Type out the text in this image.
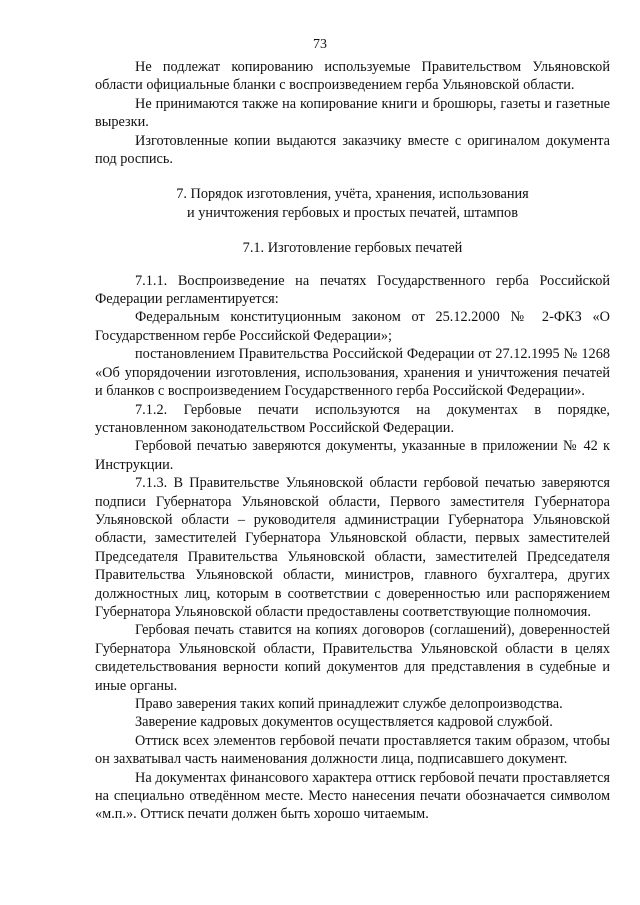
73

Не подлежат копированию используемые Правительством Ульяновской области официальные бланки с воспроизведением герба Ульяновской области.

Не принимаются также на копирование книги и брошюры, газеты и газетные вырезки.

Изготовленные копии выдаются заказчику вместе с оригиналом документа под роспись.

7. Порядок изготовления, учёта, хранения, использования

и уничтожения гербовых и простых печатей, штампов

7.1. Изготовление гербовых печатей

7.1.1. Воспроизведение на печатях Государственного герба Российской Федерации регламентируется:

Федеральным конституционным законом от 25.12.2000 № 2-ФКЗ «О Государственном гербе Российской Федерации»;

постановлением Правительства Российской Федерации от 27.12.1995 № 1268 «Об упорядочении изготовления, использования, хранения и уничтожения печатей и бланков с воспроизведением Государственного герба Российской Федерации».

7.1.2. Гербовые печати используются на документах в порядке, установленном законодательством Российской Федерации.

Гербовой печатью заверяются документы, указанные в приложении № 42 к Инструкции.

7.1.3. В Правительстве Ульяновской области гербовой печатью заверяются подписи Губернатора Ульяновской области, Первого заместителя Губернатора Ульяновской области – руководителя администрации Губернатора Ульяновской области, заместителей Губернатора Ульяновской области, первых заместителей Председателя Правительства Ульяновской области, заместителей Председателя Правительства Ульяновской области, министров, главного бухгалтера, других должностных лиц, которым в соответствии с доверенностью или распоряжением Губернатора Ульяновской области предоставлены соответствующие полномочия.

Гербовая печать ставится на копиях договоров (соглашений), доверенностей Губернатора Ульяновской области, Правительства Ульяновской области в целях свидетельствования верности копий документов для представления в судебные и иные органы.

Право заверения таких копий принадлежит службе делопроизводства.

Заверение кадровых документов осуществляется кадровой службой.

Оттиск всех элементов гербовой печати проставляется таким образом, чтобы он захватывал часть наименования должности лица, подписавшего документ.

На документах финансового характера оттиск гербовой печати проставляется на специально отведённом месте. Место нанесения печати обозначается символом «м.п.». Оттиск печати должен быть хорошо читаемым.
